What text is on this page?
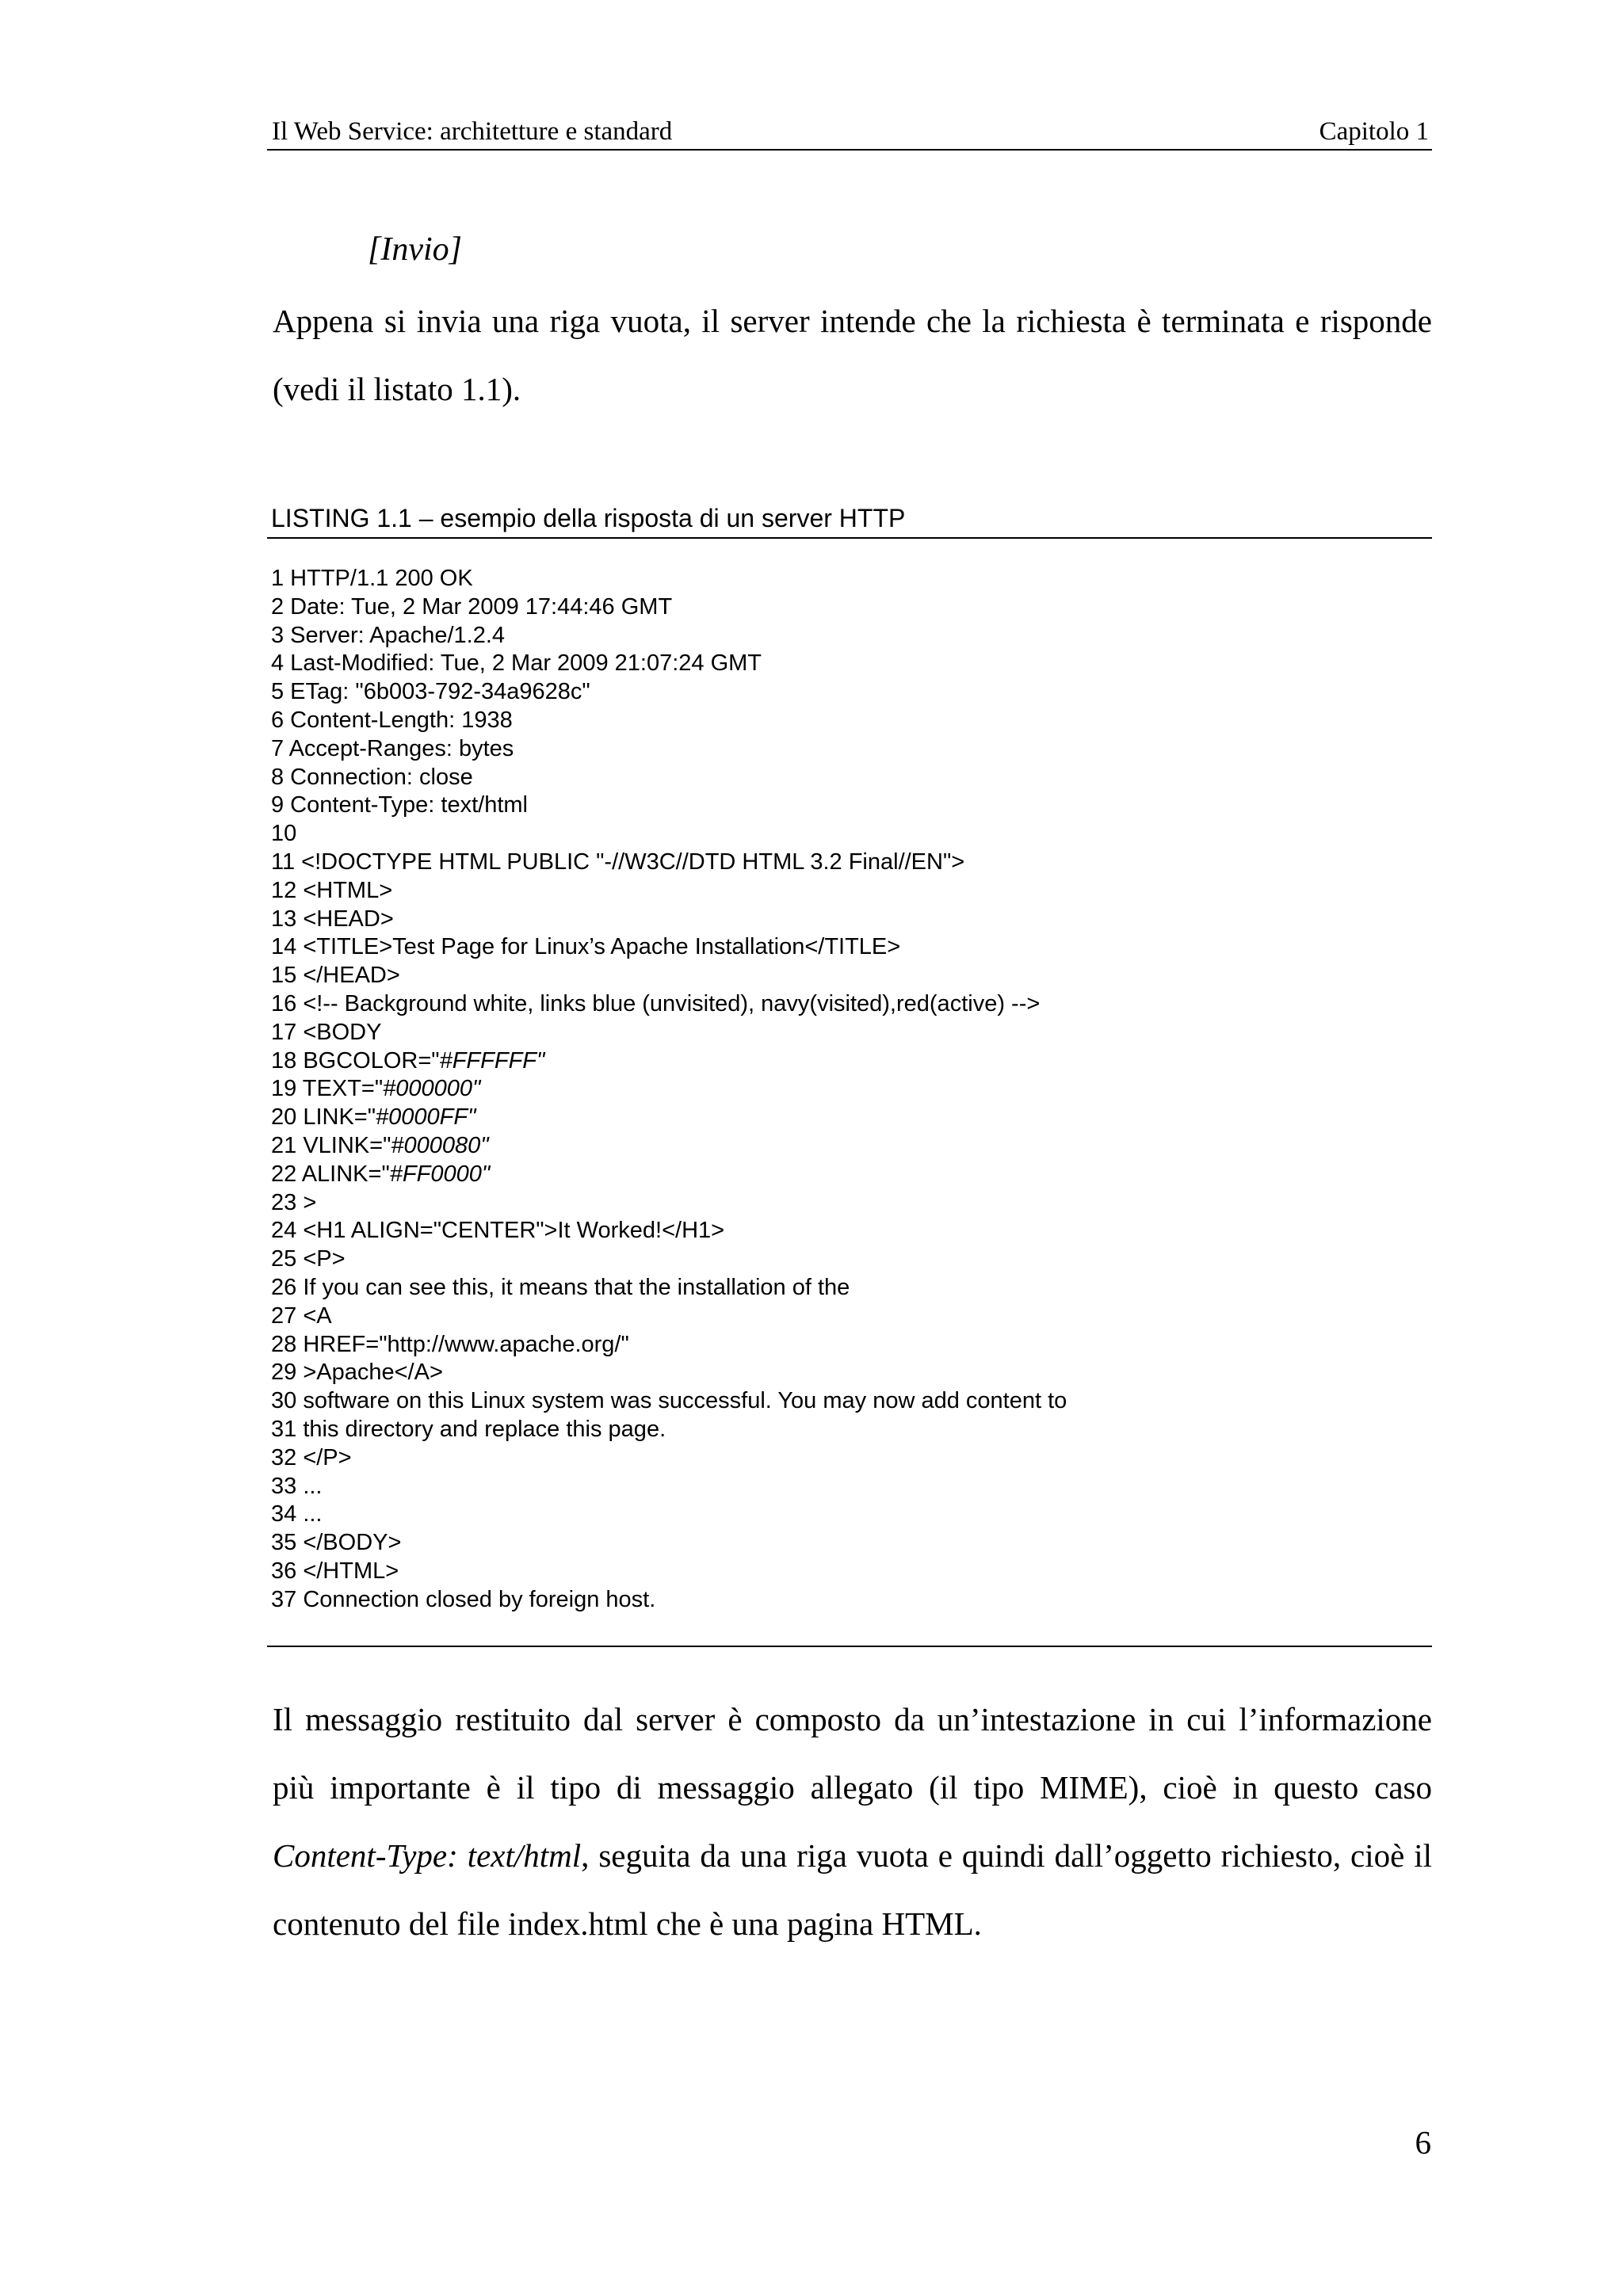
Il Web Service: architetture e standard	Capitolo 1
[Invio]
Appena si invia una riga vuota, il server intende che la richiesta è terminata e risponde
(vedi il listato 1.1).
LISTING 1.1 – esempio della risposta di un server HTTP
1 HTTP/1.1 200 OK
2 Date: Tue, 2 Mar 2009 17:44:46 GMT
3 Server: Apache/1.2.4
4 Last-Modified: Tue, 2 Mar 2009 21:07:24 GMT
5 ETag: "6b003-792-34a9628c"
6 Content-Length: 1938
7 Accept-Ranges: bytes
8 Connection: close
9 Content-Type: text/html
10
11 <!DOCTYPE HTML PUBLIC "-//W3C//DTD HTML 3.2 Final//EN">
12 <HTML>
13 <HEAD>
14 <TITLE>Test Page for Linux’s Apache Installation</TITLE>
15 </HEAD>
16 <!-- Background white, links blue (unvisited), navy(visited),red(active) -->
17 <BODY
18 BGCOLOR="#FFFFFF"
19 TEXT="#000000"
20 LINK="#0000FF"
21 VLINK="#000080"
22 ALINK="#FF0000"
23 >
24 <H1 ALIGN="CENTER">It Worked!</H1>
25 <P>
26 If you can see this, it means that the installation of the
27 <A
28 HREF="http://www.apache.org/"
29 >Apache</A>
30 software on this Linux system was successful. You may now add content to
31 this directory and replace this page.
32 </P>
33 ...
34 ...
35 </BODY>
36 </HTML>
37 Connection closed by foreign host.
Il messaggio restituito dal server è composto da un’intestazione in cui l’informazione
più importante è il tipo di messaggio allegato (il tipo MIME), cioè in questo caso
Content-Type: text/html, seguita da una riga vuota e quindi dall’oggetto richiesto, cioè il
contenuto del file index.html che è una pagina HTML.
6
